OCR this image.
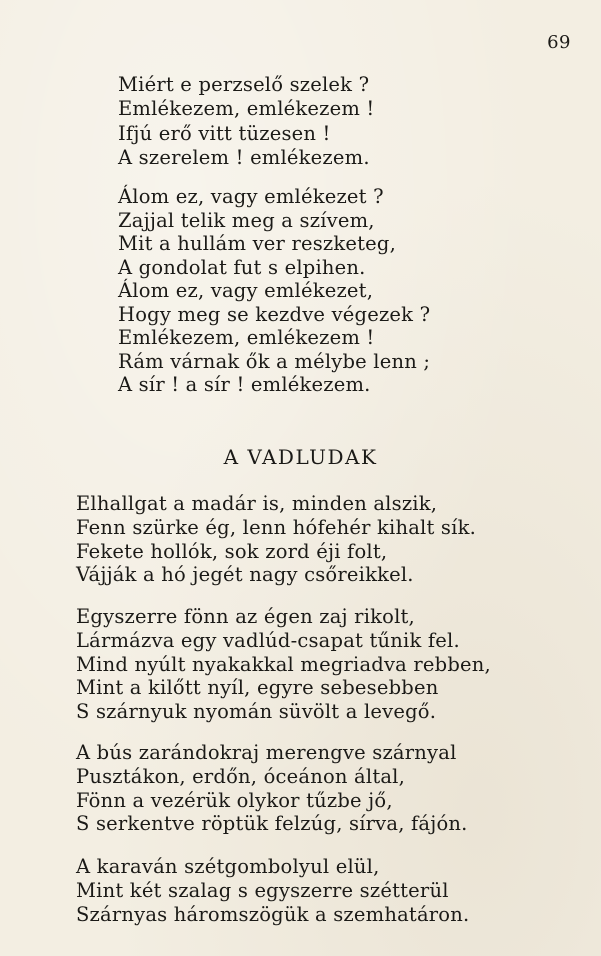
69
Miért e perzselő szelek ?
Emlékezem, emlékezem !
Ifjú erő vitt tüzesen !
A szerelem ! emlékezem.
Álom ez, vagy emlékezet ?
Zajjal telik meg a szívem,
Mit a hullám ver reszketeg,
A gondolat fut s elpihen.
Álom ez, vagy emlékezet,
Hogy meg se kezdve végezek ?
Emlékezem, emlékezem !
Rám várnak ők a mélybe lenn ;
A sír ! a sír ! emlékezem.
A VADLUDAK
Elhallgat a madár is, minden alszik,
Fenn szürke ég, lenn hófehér kihalt sík.
Fekete hollók, sok zord éji folt,
Vájják a hó jegét nagy csőreikkel.
Egyszerre fönn az égen zaj rikolt,
Lármázva egy vadlúd-csapat tűnik fel.
Mind nyúlt nyakakkal megriadva rebben,
Mint a kilőtt nyíl, egyre sebesebben
S szárnyuk nyomán süvölt a levegő.
A bús zarándokraj merengve szárnyal
Pusztákon, erdőn, óceánon által,
Fönn a vezérük olykor tűzbe jő,
S serkentve röptük felzúg, sírva, fájón.
A karaván szétgombolyul elül,
Mint két szalag s egyszerre szétterül
Szárnyas háromszögük a szemhatáron.
